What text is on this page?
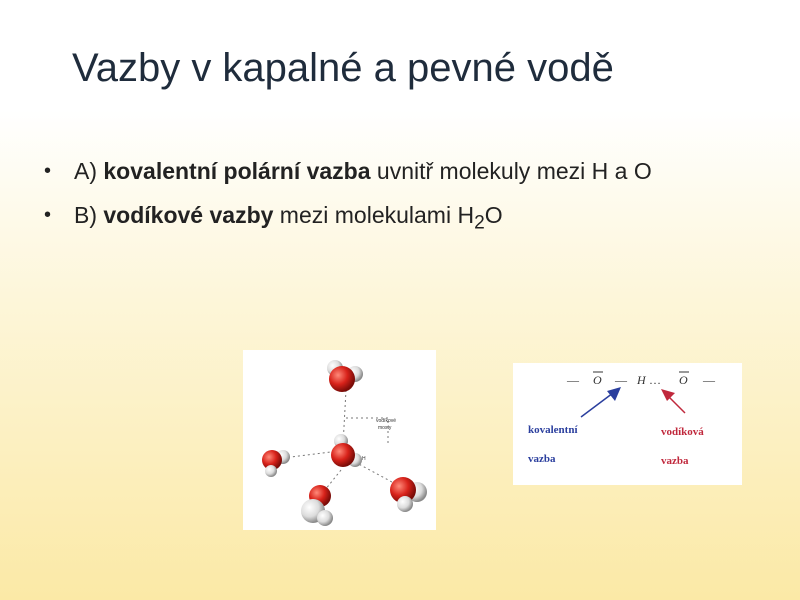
Vazby v kapalné a pevné vodě
• A) kovalentní polární vazba uvnitř molekuly mezi H a O
• B) vodíkové vazby mezi molekulami $H_2O$
vodíkové
mosty
H
— O — H … O —
kovalentní
vazba
vodíková
vazba
